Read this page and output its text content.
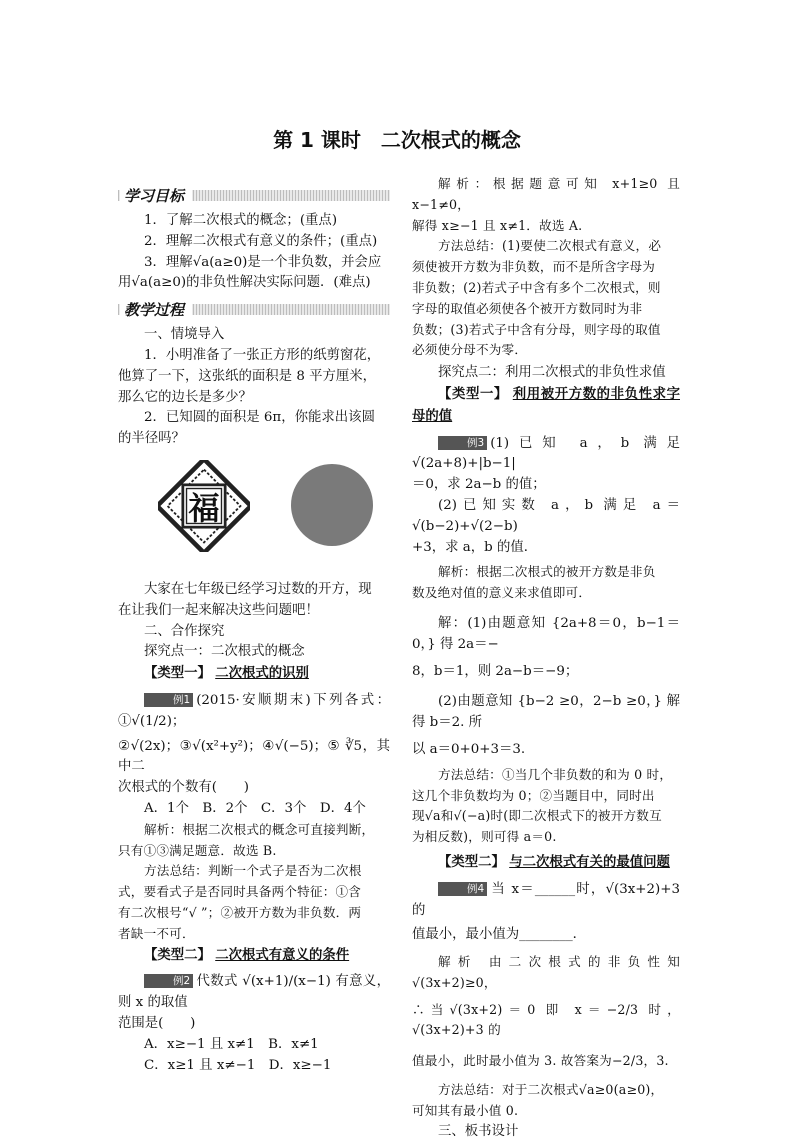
第 1 课时　二次根式的概念
学习目标

1．了解二次根式的概念；(重点)

2．理解二次根式有意义的条件；(重点)

3．理解√a(a≥0)是一个非负数，并会应

用√a(a≥0)的非负性解决实际问题．(难点)

教学过程

一、情境导入

1．小明准备了一张正方形的纸剪窗花，

他算了一下，这张纸的面积是 8 平方厘米，

那么它的边长是多少？

2．已知圆的面积是 6π，你能求出该圆

的半径吗？

福

大家在七年级已经学习过数的开方，现

在让我们一起来解决这些问题吧！

二、合作探究

探究点一：二次根式的概念

【类型一】 二次根式的识别

例1 (2015·安顺期末)下列各式：①√(1/2)；

②√(2x)；③√(x²+y²)；④√(−5)；⑤ ∛5，其中二

次根式的个数有(　　)

A．1个　B．2个　C．3个　D．4个

解析：根据二次根式的概念可直接判断，

只有①③满足题意．故选 B.

方法总结：判断一个式子是否为二次根

式，要看式子是否同时具备两个特征：①含

有二次根号“√ ”；②被开方数为非负数．两

者缺一不可．

【类型二】 二次根式有意义的条件

例2 代数式 √(x+1)/(x−1) 有意义，则 x 的取值

范围是(　　)

A．x≥−1 且 x≠1　B．x≠1

C．x≥1 且 x≠−1　D．x≥−1

解析：根据题意可知 x+1≥0 且 x−1≠0，

解得 x≥−1 且 x≠1．故选 A.

方法总结：(1)要使二次根式有意义，必

须使被开方数为非负数，而不是所含字母为

非负数；(2)若式子中含有多个二次根式，则

字母的取值必须使各个被开方数同时为非

负数；(3)若式子中含有分母，则字母的取值

必须使分母不为零．

探究点二：利用二次根式的非负性求值

【类型一】 利用被开方数的非负性求字母的值

例3 (1)已知 a，b 满足√(2a+8)+|b−1|

＝0，求 2a−b 的值；

(2)已知实数 a，b 满足 a＝√(b−2)+√(2−b)

+3，求 a，b 的值．

解析：根据二次根式的被开方数是非负

数及绝对值的意义来求值即可．

解：(1)由题意知 {2a+8＝0，b−1＝0，} 得 2a＝−

8，b＝1，则 2a−b＝−9；

(2)由题意知 {b−2 ≥0，2−b ≥0，} 解得 b＝2. 所

以 a＝0+0+3＝3.

方法总结：①当几个非负数的和为 0 时，

这几个非负数均为 0；②当题目中，同时出

现√a和√(−a)时(即二次根式下的被开方数互

为相反数)，则可得 a＝0.

【类型二】 与二次根式有关的最值问题

例4 当 x＝______时，√(3x+2)+3 的

值最小，最小值为________．

解析 由二次根式的非负性知√(3x+2)≥0，

∴当√(3x+2)＝0 即 x＝−2/3 时，√(3x+2)+3 的

值最小，此时最小值为 3. 故答案为−2/3，3.

方法总结：对于二次根式√a≥0(a≥0)，

可知其有最小值 0.

三、板书设计
